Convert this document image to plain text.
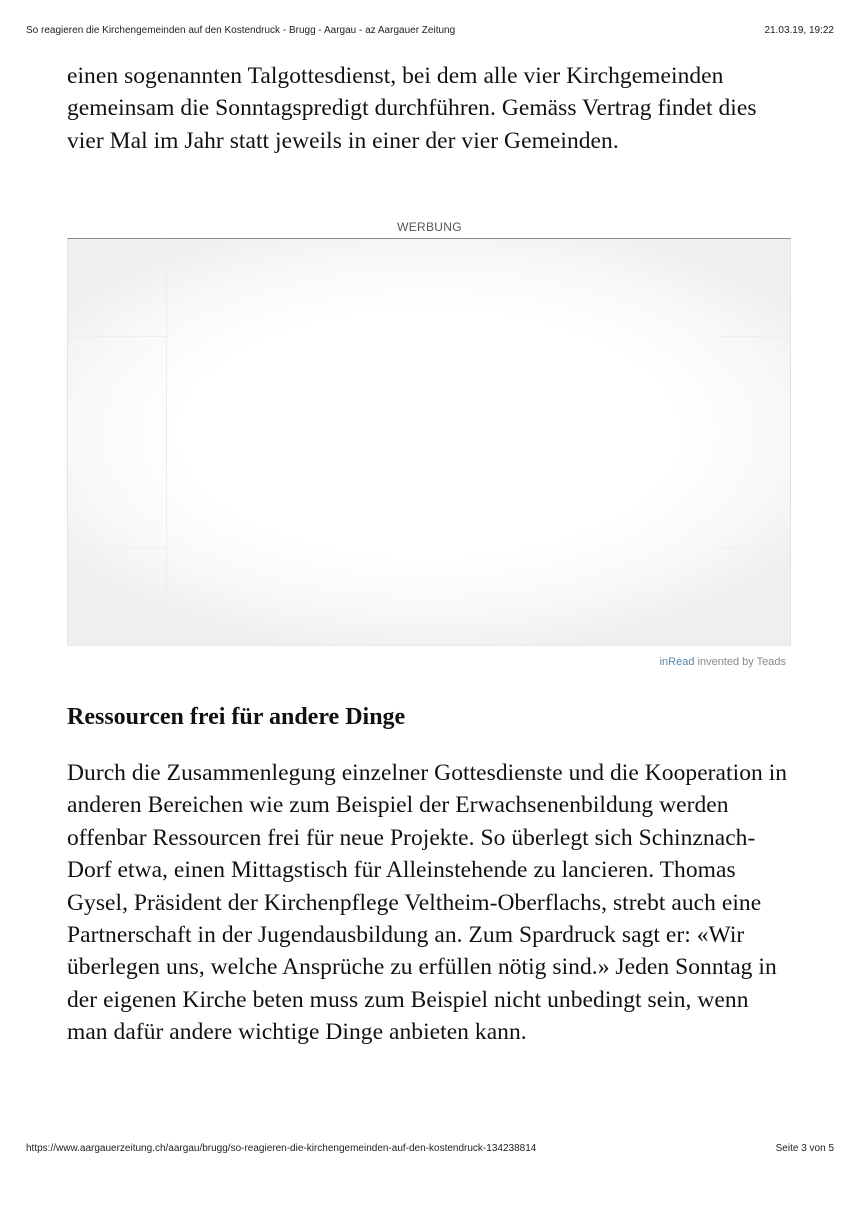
So reagieren die Kirchengemeinden auf den Kostendruck - Brugg - Aargau - az Aargauer Zeitung	21.03.19, 19:22

einen sogenannten Talgottesdienst, bei dem alle vier Kirchgemeinden gemeinsam die Sonntagspredigt durchführen. Gemäss Vertrag findet dies vier Mal im Jahr statt jeweils in einer der vier Gemeinden.

WERBUNG
inRead invented by Teads
Ressourcen frei für andere Dinge

Durch die Zusammenlegung einzelner Gottesdienste und die Kooperation in anderen Bereichen wie zum Beispiel der Erwachsenenbildung werden offenbar Ressourcen frei für neue Projekte. So überlegt sich Schinznach-Dorf etwa, einen Mittagstisch für Alleinstehende zu lancieren. Thomas Gysel, Präsident der Kirchenpflege Veltheim-Oberflachs, strebt auch eine Partnerschaft in der Jugendausbildung an. Zum Spardruck sagt er: «Wir überlegen uns, welche Ansprüche zu erfüllen nötig sind.» Jeden Sonntag in der eigenen Kirche beten muss zum Beispiel nicht unbedingt sein, wenn man dafür andere wichtige Dinge anbieten kann.

https://www.aargauerzeitung.ch/aargau/brugg/so-reagieren-die-kirchengemeinden-auf-den-kostendruck-134238814	Seite 3 von 5
